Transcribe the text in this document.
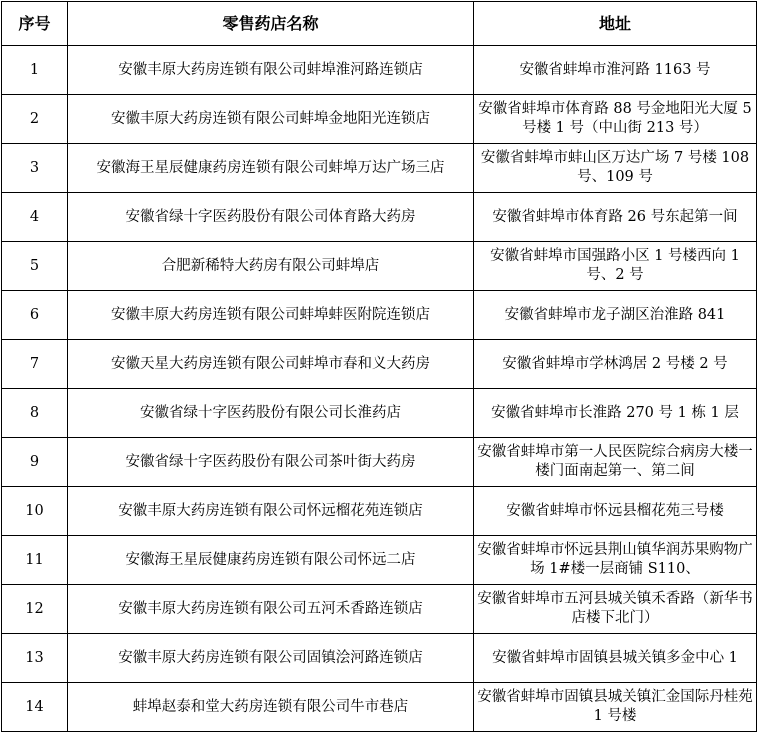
序号	零售药店名称	地址
1	安徽丰原大药房连锁有限公司蚌埠淮河路连锁店	安徽省蚌埠市淮河路 1163 号
2	安徽丰原大药房连锁有限公司蚌埠金地阳光连锁店	安徽省蚌埠市体育路 88 号金地阳光大厦 5 号楼 1 号（中山街 213 号）
3	安徽海王星辰健康药房连锁有限公司蚌埠万达广场三店	安徽省蚌埠市蚌山区万达广场 7 号楼 108 号、109 号
4	安徽省绿十字医药股份有限公司体育路大药房	安徽省蚌埠市体育路 26 号东起第一间
5	合肥新稀特大药房有限公司蚌埠店	安徽省蚌埠市国强路小区 1 号楼西向 1 号、2 号
6	安徽丰原大药房连锁有限公司蚌埠蚌医附院连锁店	安徽省蚌埠市龙子湖区治淮路 841
7	安徽天星大药房连锁有限公司蚌埠市春和义大药房	安徽省蚌埠市学林鸿居 2 号楼 2 号
8	安徽省绿十字医药股份有限公司长淮药店	安徽省蚌埠市长淮路 270 号 1 栋 1 层
9	安徽省绿十字医药股份有限公司茶叶街大药房	安徽省蚌埠市第一人民医院综合病房大楼一楼门面南起第一、第二间
10	安徽丰原大药房连锁有限公司怀远榴花苑连锁店	安徽省蚌埠市怀远县榴花苑三号楼
11	安徽海王星辰健康药房连锁有限公司怀远二店	安徽省蚌埠市怀远县荆山镇华润苏果购物广场 1#楼一层商铺 S110、
12	安徽丰原大药房连锁有限公司五河禾香路连锁店	安徽省蚌埠市五河县城关镇禾香路（新华书店楼下北门）
13	安徽丰原大药房连锁有限公司固镇浍河路连锁店	安徽省蚌埠市固镇县城关镇多金中心 1
14	蚌埠赵泰和堂大药房连锁有限公司牛市巷店	安徽省蚌埠市固镇县城关镇汇金国际丹桂苑 1 号楼
